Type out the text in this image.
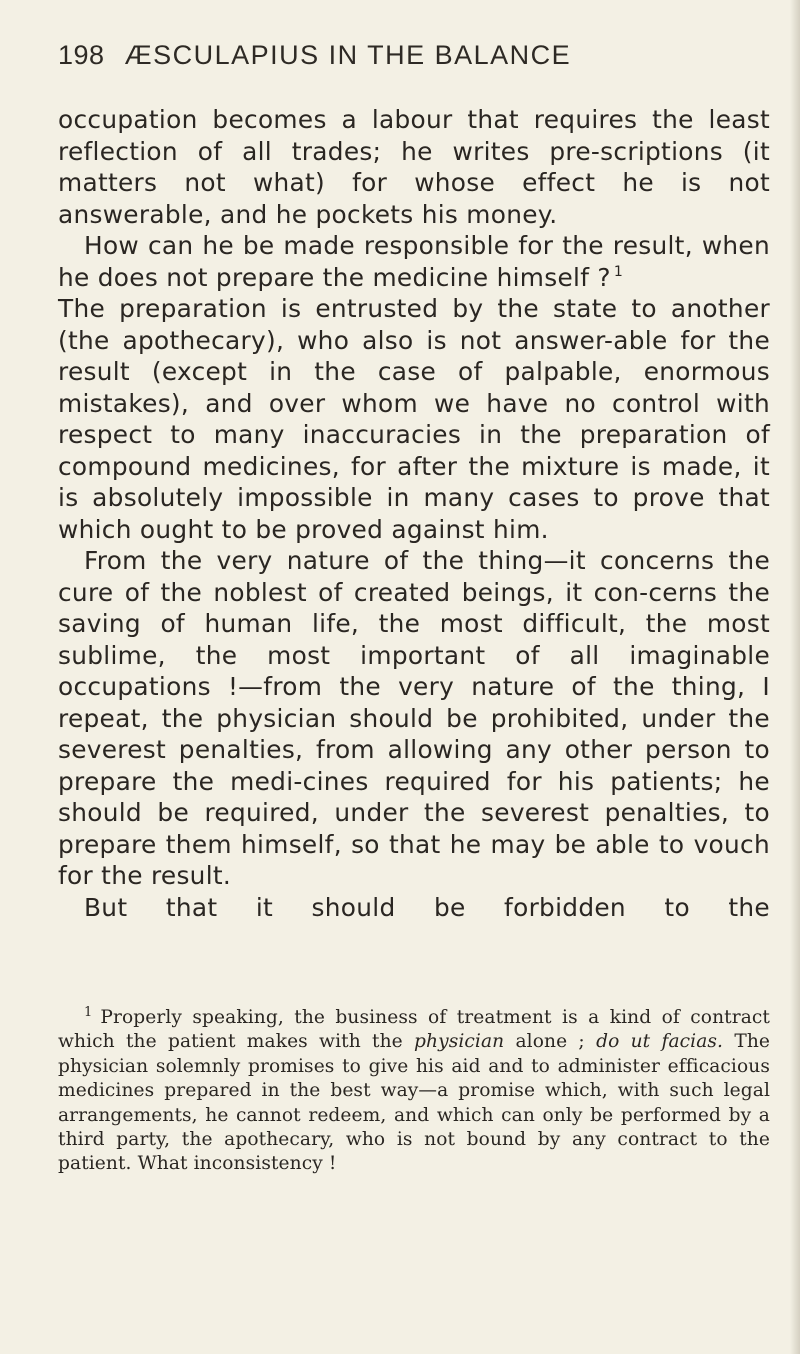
198 ÆSCULAPIUS IN THE BALANCE

occupation becomes a labour that requires the least reflection of all trades; he writes pre-scriptions (it matters not what) for whose effect he is not answerable, and he pockets his money.

How can he be made responsible for the result, when he does not prepare the medicine himself ? $^1$

The preparation is entrusted by the state to another (the apothecary), who also is not answer-able for the result (except in the case of palpable, enormous mistakes), and over whom we have no control with respect to many inaccuracies in the preparation of compound medicines, for after the mixture is made, it is absolutely impossible in many cases to prove that which ought to be proved against him.

From the very nature of the thing—it concerns the cure of the noblest of created beings, it con-cerns the saving of human life, the most difficult, the most sublime, the most important of all imaginable occupations !—from the very nature of the thing, I repeat, the physician should be prohibited, under the severest penalties, from allowing any other person to prepare the medi-cines required for his patients; he should be required, under the severest penalties, to prepare them himself, so that he may be able to vouch for the result.

But that it should be forbidden to the

$^1$ Properly speaking, the business of treatment is a kind of contract which the patient makes with the physician alone ; do ut facias. The physician solemnly promises to give his aid and to administer efficacious medicines prepared in the best way—a promise which, with such legal arrangements, he cannot redeem, and which can only be performed by a third party, the apothecary, who is not bound by any contract to the patient. What inconsistency !
